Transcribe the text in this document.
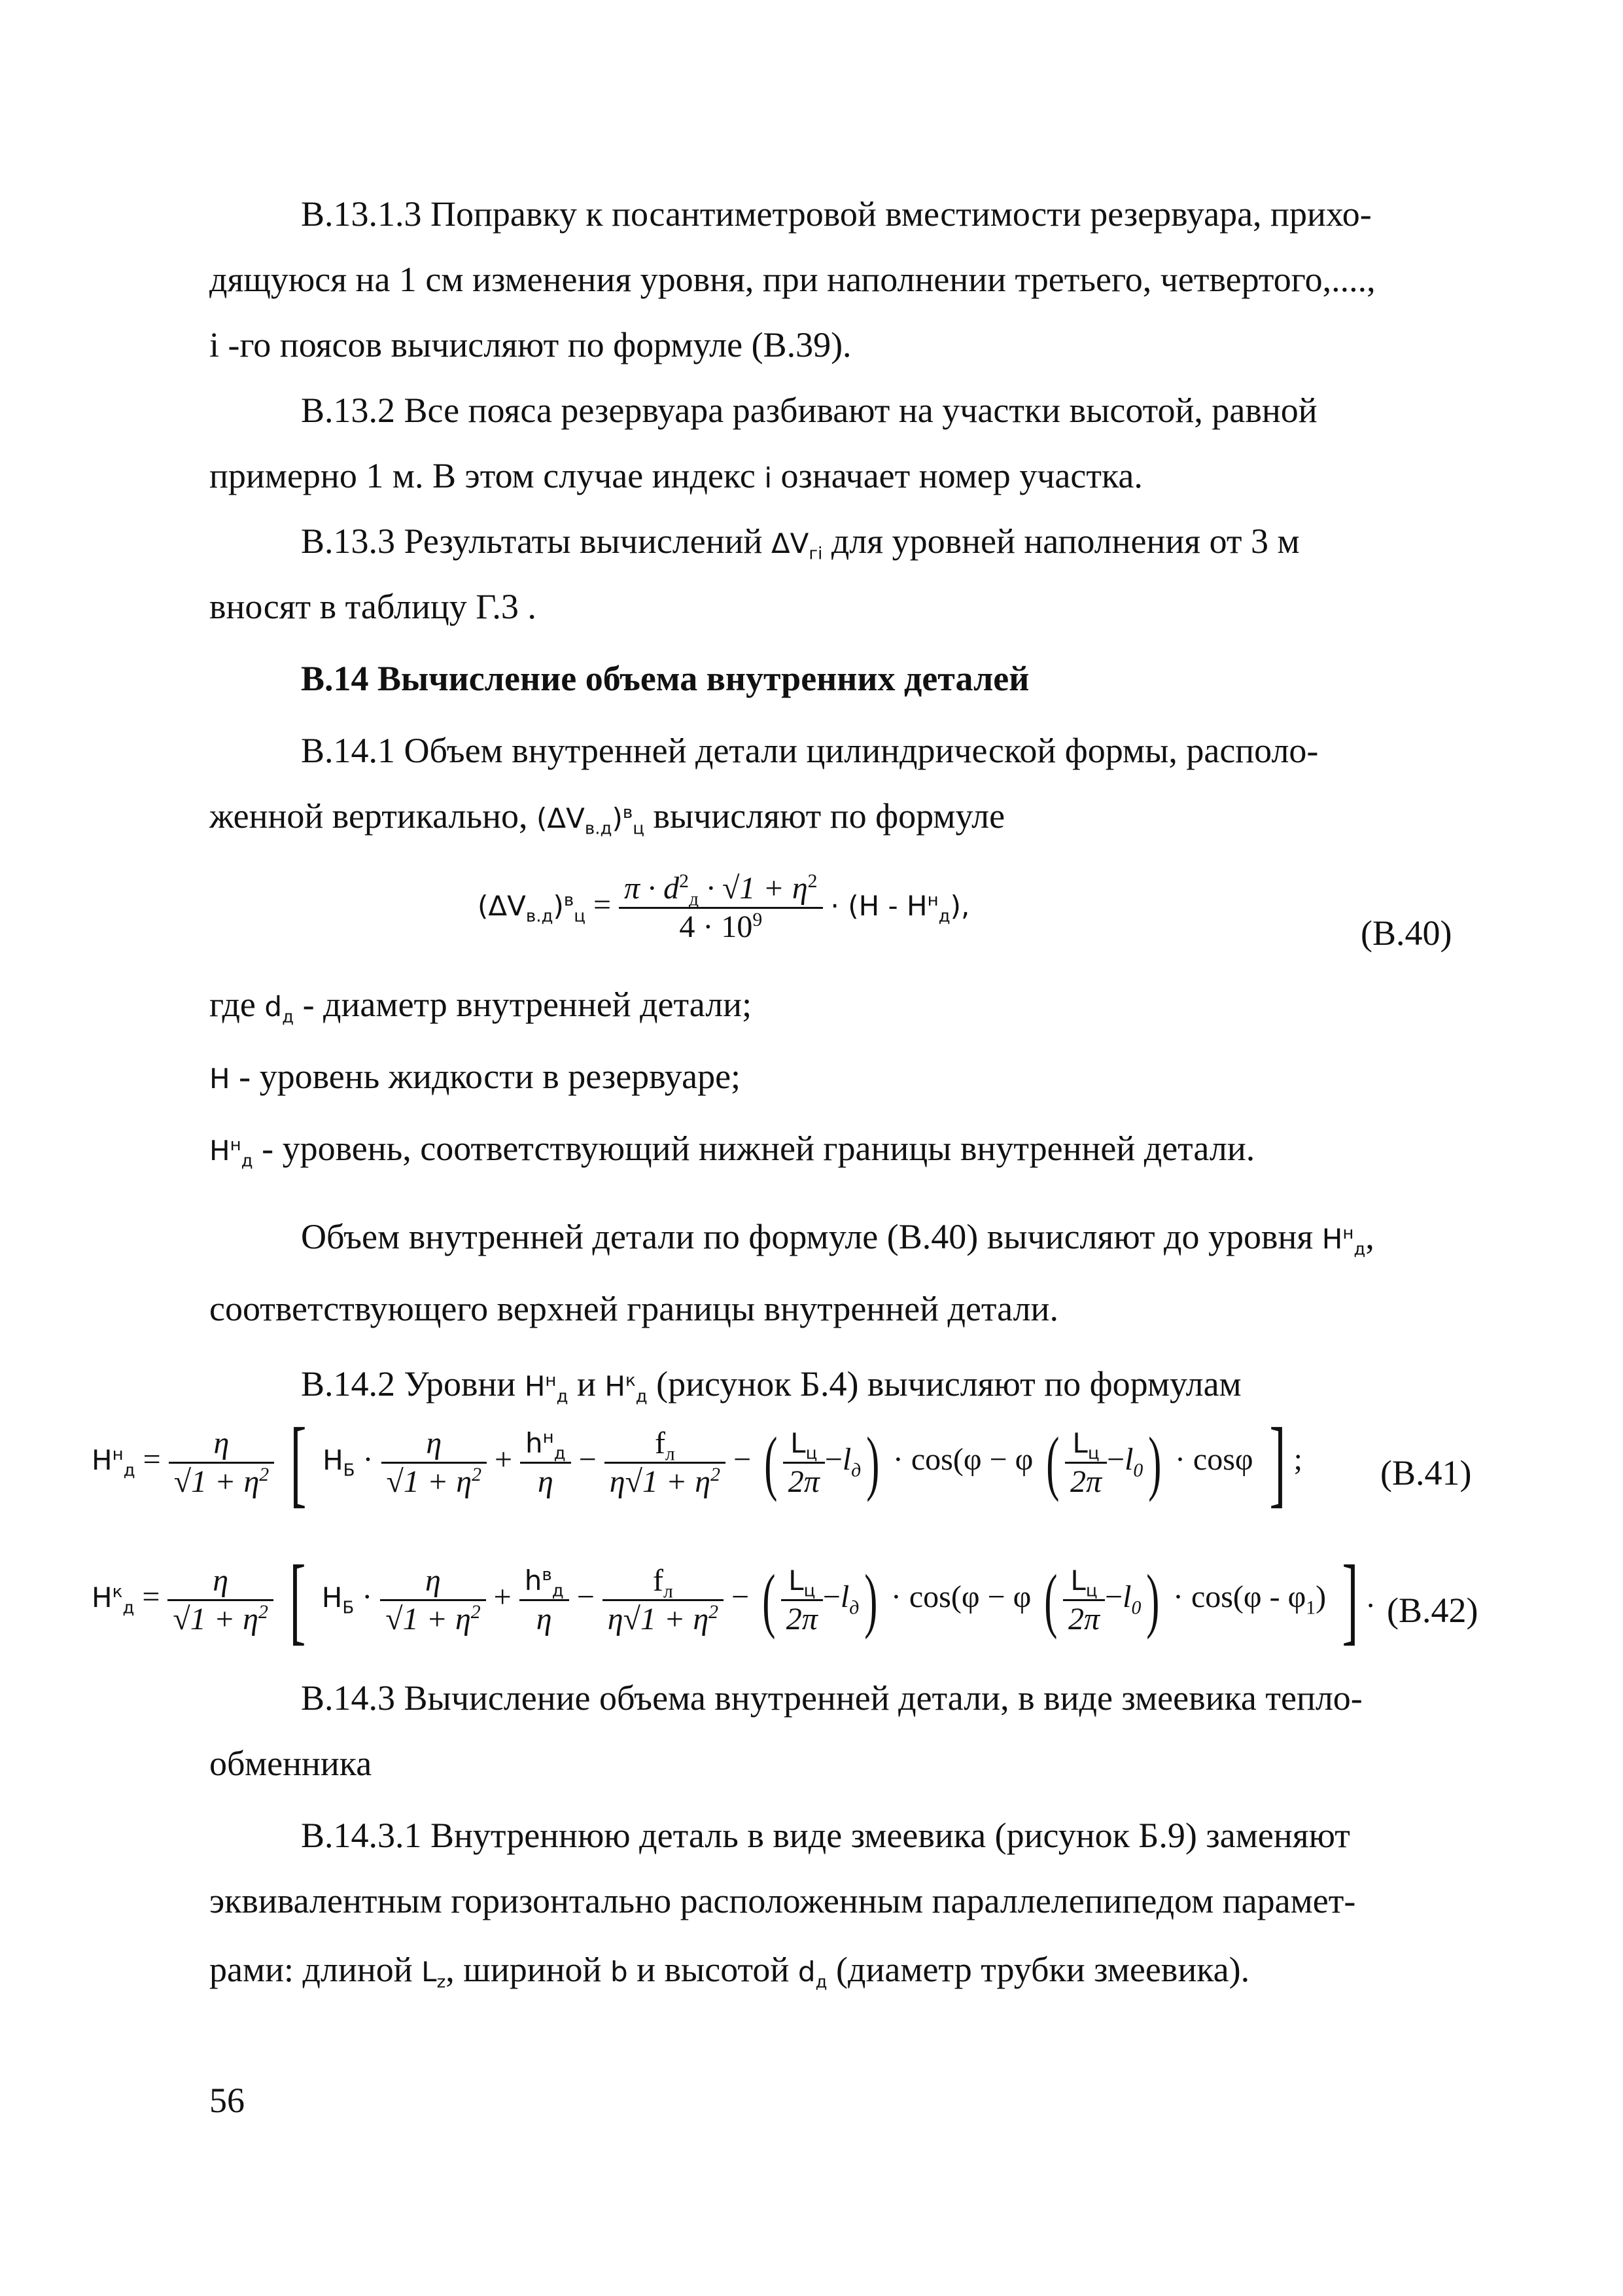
B.13.1.3 Поправку к посантиметровой вместимости резервуара, прихо-
дящуюся на 1 см изменения уровня, при наполнении третьего, четвертого,....,
i -го поясов вычисляют по формуле (В.39).
В.13.2 Все пояса резервуара разбивают на участки высотой, равной
примерно 1 м. В этом случае индекс i означает номер участка.
В.13.3 Результаты вычислений $\Delta V_{гi}$ для уровней наполнения от 3 м
вносят в таблицу Г.3 .
В.14 Вычисление объема внутренних деталей
В.14.1 Объем внутренней детали цилиндрической формы, располо-
женной вертикально, $(\Delta V_{в.д})^в_ц$ вычисляют по формуле
$(\Delta V_{в.д})^в_ц = \frac{\pi \cdot d^2_д \cdot √1 + \eta^2}{4 \cdot 10^9} \cdot (H - H^н_д)$,
(В.40)
где $d_д$ - диаметр внутренней детали;
H - уровень жидкости в резервуаре;
$H^н_д$ - уровень, соответствующий нижней границы внутренней детали.
Объем внутренней детали по формуле (В.40) вычисляют до уровня $H^н_д$,
соответствующего верхней границы внутренней детали.
В.14.2 Уровни $H^н_д$ и $H^к_д$ (рисунок Б.4) вычисляют по формулам
$H^н_д = \frac{\eta}{√1 + \eta^2}$ [ $H_Б \cdot \frac{\eta}{√1 + \eta^2} + \frac{h^н_д}{\eta} - \frac{f_л}{\eta√1 + \eta^2}$ − ( $\frac{L_ц}{2\pi} -l_д) \cdot \cos(\varphi - \varphi$ ( $\frac{L_ц}{2\pi} -l_0) \cdot \cos\varphi$ ] ; (В.41)
$H^к_д = \frac{\eta}{√1 + \eta^2}$ [ $H_Б \cdot \frac{\eta}{√1 + \eta^2} + \frac{h^в_д}{\eta} - \frac{f_л}{\eta√1 + \eta^2}$ − ( $\frac{L_ц}{2\pi} -l_д) \cdot \cos(\varphi - \varphi$ ( $\frac{L_ц}{2\pi} -l_0) \cdot \cos(\varphi - \varphi_1)$ ] . (В.42)
В.14.3 Вычисление объема внутренней детали, в виде змеевика тепло-
обменника
В.14.3.1 Внутреннюю деталь в виде змеевика (рисунок Б.9) заменяют
эквивалентным горизонтально расположенным параллелепипедом парамет-
рами: длиной $L_z$, шириной b и высотой $d_д$ (диаметр трубки змеевика).
56
